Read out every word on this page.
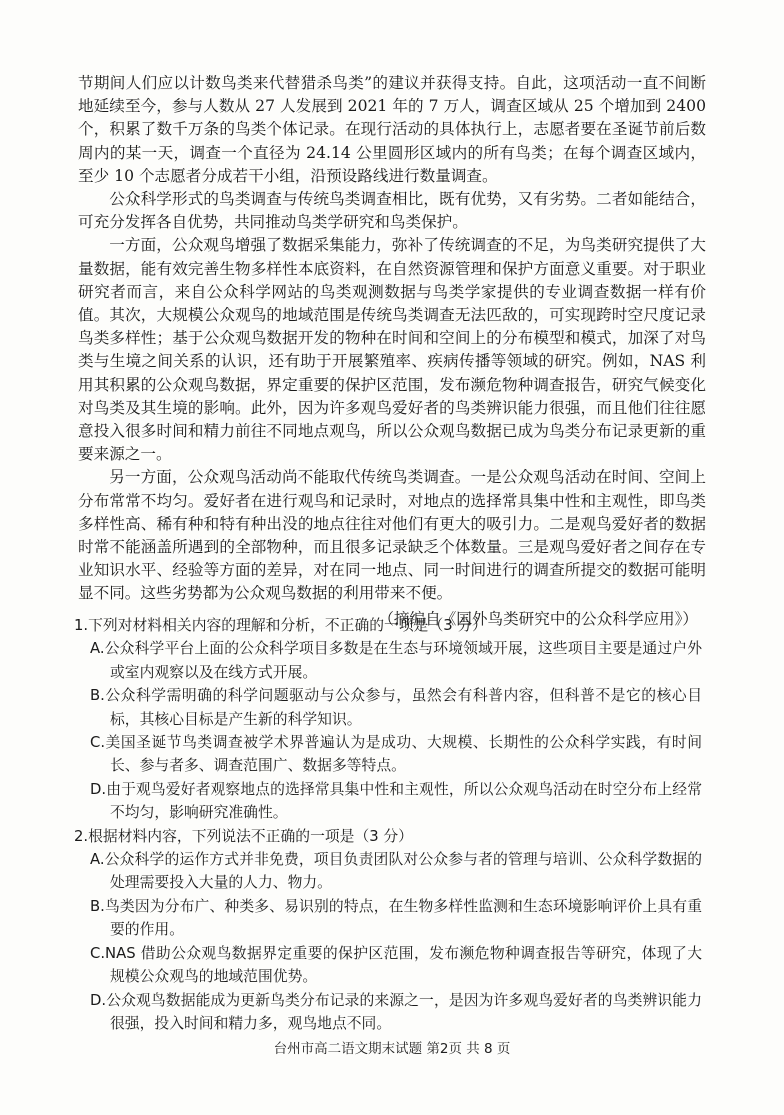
节期间人们应以计数鸟类来代替猎杀鸟类”的建议并获得支持。自此，这项活动一直不间断地延续至今，参与人数从 27 人发展到 2021 年的 7 万人，调查区域从 25 个增加到 2400 个，积累了数千万条的鸟类个体记录。在现行活动的具体执行上，志愿者要在圣诞节前后数周内的某一天，调查一个直径为 24.14 公里圆形区域内的所有鸟类；在每个调查区域内，至少 10 个志愿者分成若干小组，沿预设路线进行数量调查。

公众科学形式的鸟类调查与传统鸟类调查相比，既有优势，又有劣势。二者如能结合，可充分发挥各自优势，共同推动鸟类学研究和鸟类保护。

一方面，公众观鸟增强了数据采集能力，弥补了传统调查的不足，为鸟类研究提供了大量数据，能有效完善生物多样性本底资料，在自然资源管理和保护方面意义重要。对于职业研究者而言，来自公众科学网站的鸟类观测数据与鸟类学家提供的专业调查数据一样有价值。其次，大规模公众观鸟的地域范围是传统鸟类调查无法匹敌的，可实现跨时空尺度记录鸟类多样性；基于公众观鸟数据开发的物种在时间和空间上的分布模型和模式，加深了对鸟类与生境之间关系的认识，还有助于开展繁殖率、疾病传播等领域的研究。例如，NAS 利用其积累的公众观鸟数据，界定重要的保护区范围，发布濒危物种调查报告，研究气候变化对鸟类及其生境的影响。此外，因为许多观鸟爱好者的鸟类辨识能力很强，而且他们往往愿意投入很多时间和精力前往不同地点观鸟，所以公众观鸟数据已成为鸟类分布记录更新的重要来源之一。

另一方面，公众观鸟活动尚不能取代传统鸟类调查。一是公众观鸟活动在时间、空间上分布常常不均匀。爱好者在进行观鸟和记录时，对地点的选择常具集中性和主观性，即鸟类多样性高、稀有种和特有种出没的地点往往对他们有更大的吸引力。二是观鸟爱好者的数据时常不能涵盖所遇到的全部物种，而且很多记录缺乏个体数量。三是观鸟爱好者之间存在专业知识水平、经验等方面的差异，对在同一地点、同一时间进行的调查所提交的数据可能明显不同。这些劣势都为公众观鸟数据的利用带来不便。

（摘编自《国外鸟类研究中的公众科学应用》）

1.下列对材料相关内容的理解和分析，不正确的一项是（3 分）

A.公众科学平台上面的公众科学项目多数是在生态与环境领域开展，这些项目主要是通过户外或室内观察以及在线方式开展。

B.公众科学需明确的科学问题驱动与公众参与，虽然会有科普内容，但科普不是它的核心目标，其核心目标是产生新的科学知识。

C.美国圣诞节鸟类调查被学术界普遍认为是成功、大规模、长期性的公众科学实践，有时间长、参与者多、调查范围广、数据多等特点。

D.由于观鸟爱好者观察地点的选择常具集中性和主观性，所以公众观鸟活动在时空分布上经常不均匀，影响研究准确性。

2.根据材料内容，下列说法不正确的一项是（3 分）

A.公众科学的运作方式并非免费，项目负责团队对公众参与者的管理与培训、公众科学数据的处理需要投入大量的人力、物力。

B.鸟类因为分布广、种类多、易识别的特点，在生物多样性监测和生态环境影响评价上具有重要的作用。

C.NAS 借助公众观鸟数据界定重要的保护区范围，发布濒危物种调查报告等研究，体现了大规模公众观鸟的地域范围优势。

D.公众观鸟数据能成为更新鸟类分布记录的来源之一，是因为许多观鸟爱好者的鸟类辨识能力很强，投入时间和精力多，观鸟地点不同。

台州市高二语文期末试题 第2页 共 8 页
